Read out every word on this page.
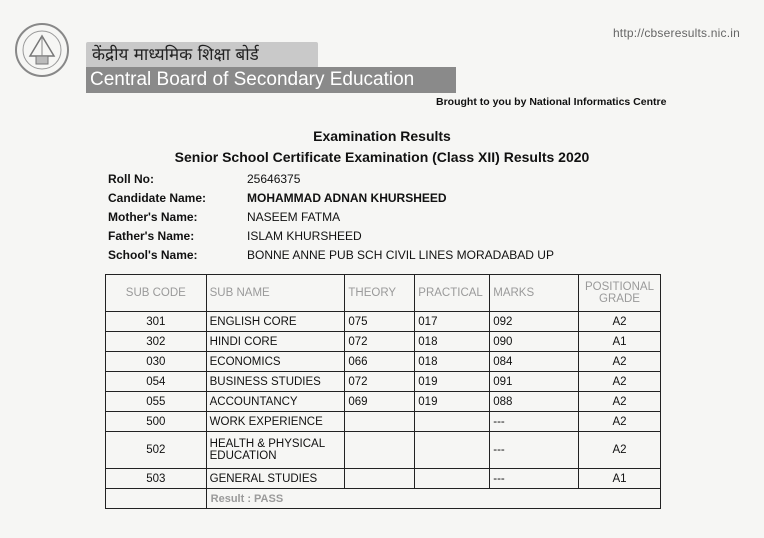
केंद्रीय माध्यमिक शिक्षा बोर्ड
Central Board of Secondary Education
http://cbseresults.nic.in
Brought to you by National Informatics Centre
Examination Results
Senior School Certificate Examination (Class XII) Results 2020
Roll No:	25646375
Candidate Name:	MOHAMMAD ADNAN KHURSHEED
Mother's Name:	NASEEM FATMA
Father's Name:	ISLAM KHURSHEED
School's Name:	BONNE ANNE PUB SCH CIVIL LINES MORADABAD UP
SUB CODE	SUB NAME	THEORY	PRACTICAL	MARKS	POSITIONAL GRADE
301	ENGLISH CORE	075	017	092	A2
302	HINDI CORE	072	018	090	A1
030	ECONOMICS	066	018	084	A2
054	BUSINESS STUDIES	072	019	091	A2
055	ACCOUNTANCY	069	019	088	A2
500	WORK EXPERIENCE			---	A2
502	HEALTH & PHYSICAL EDUCATION			---	A2
503	GENERAL STUDIES			---	A1
	Result : PASS				
